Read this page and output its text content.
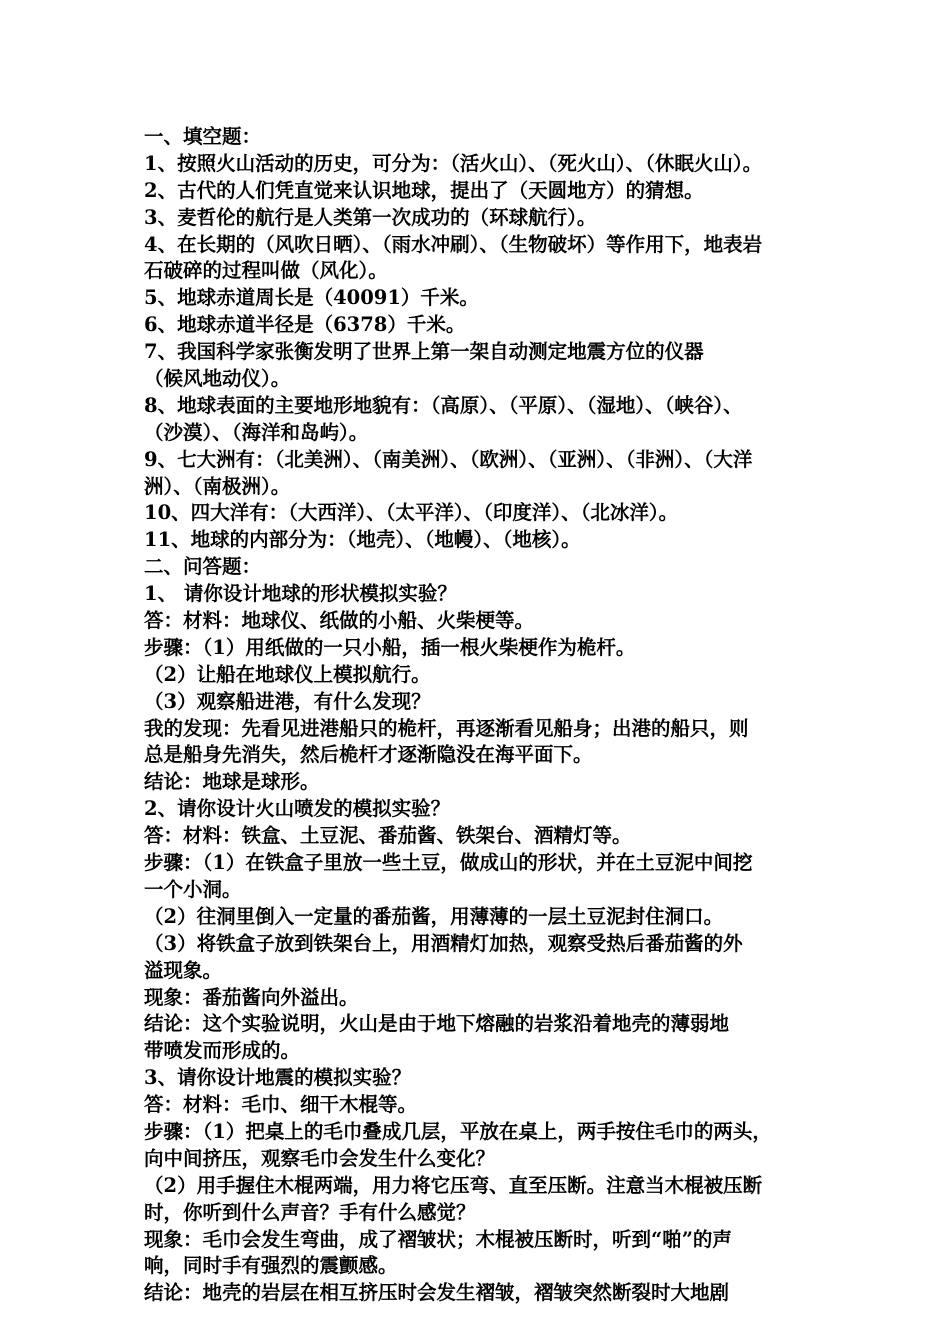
一、填空题：
1、按照火山活动的历史，可分为：（活火山）、（死火山）、（休眠火山）。
2、古代的人们凭直觉来认识地球，提出了（天圆地方）的猜想。
3、麦哲伦的航行是人类第一次成功的（环球航行）。
4、在长期的（风吹日晒）、（雨水冲刷）、（生物破坏）等作用下，地表岩
石破碎的过程叫做（风化）。
5、地球赤道周长是（40091）千米。
6、地球赤道半径是（6378）千米。
7、我国科学家张衡发明了世界上第一架自动测定地震方位的仪器
（候风地动仪）。
8、地球表面的主要地形地貌有：（高原）、（平原）、（湿地）、（峡谷）、
（沙漠）、（海洋和岛屿）。
9、七大洲有：（北美洲）、（南美洲）、（欧洲）、（亚洲）、（非洲）、（大洋
洲）、（南极洲）。
10、四大洋有：（大西洋）、（太平洋）、（印度洋）、（北冰洋）。
11、地球的内部分为：（地壳）、（地幔）、（地核）。
二、问答题：
1、 请你设计地球的形状模拟实验？
答：材料：地球仪、纸做的小船、火柴梗等。
步骤：（1）用纸做的一只小船，插一根火柴梗作为桅杆。
（2）让船在地球仪上模拟航行。
（3）观察船进港，有什么发现？
我的发现：先看见进港船只的桅杆，再逐渐看见船身；出港的船只，则
总是船身先消失，然后桅杆才逐渐隐没在海平面下。
结论：地球是球形。
2、请你设计火山喷发的模拟实验？
答：材料：铁盒、土豆泥、番茄酱、铁架台、酒精灯等。
步骤：（1）在铁盒子里放一些土豆，做成山的形状，并在土豆泥中间挖
一个小洞。
（2）往洞里倒入一定量的番茄酱，用薄薄的一层土豆泥封住洞口。
（3）将铁盒子放到铁架台上，用酒精灯加热，观察受热后番茄酱的外
溢现象。
现象：番茄酱向外溢出。
结论：这个实验说明，火山是由于地下熔融的岩浆沿着地壳的薄弱地
带喷发而形成的。
3、请你设计地震的模拟实验？
答：材料：毛巾、细干木棍等。
步骤：（1）把桌上的毛巾叠成几层，平放在桌上，两手按住毛巾的两头，
向中间挤压，观察毛巾会发生什么变化？
（2）用手握住木棍两端，用力将它压弯、直至压断。注意当木棍被压断
时，你听到什么声音？手有什么感觉？
现象：毛巾会发生弯曲，成了褶皱状；木棍被压断时，听到“啪”的声
响，同时手有强烈的震颤感。
结论：地壳的岩层在相互挤压时会发生褶皱，褶皱突然断裂时大地剧
